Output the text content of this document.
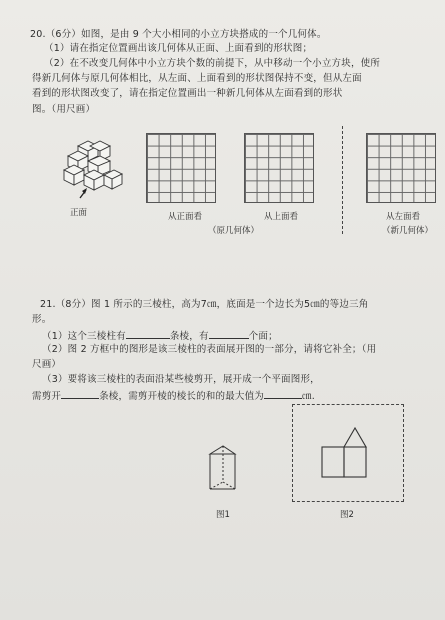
20.（6分）如图，是由 9 个大小相同的小立方块搭成的一个几何体。
（1）请在指定位置画出该几何体从正面、上面看到的形状图；
（2）在不改变几何体中小立方块个数的前提下，从中移动一个小立方块，使所
得新几何体与原几何体相比，从左面、上面看到的形状图保持不变，但从左面
看到的形状图改变了，请在指定位置画出一种新几何体从左面看到的形状
图。（用尺画）
正面	从正面看	从上面看	从左面看
（原几何体）	（新几何体）
21.（8分）图 1 所示的三棱柱，高为7㎝，底面是一个边长为5㎝的等边三角
形。
（1）这个三棱柱有	条棱，有	个面；
（2）图 2 方框中的图形是该三棱柱的表面展开图的一部分，请将它补全；（用
尺画）
（3）要将该三棱柱的表面沿某些棱剪开，展开成一个平面图形，
需剪开	条棱，需剪开棱的棱长的和的最大值为	㎝.
图1	图2
